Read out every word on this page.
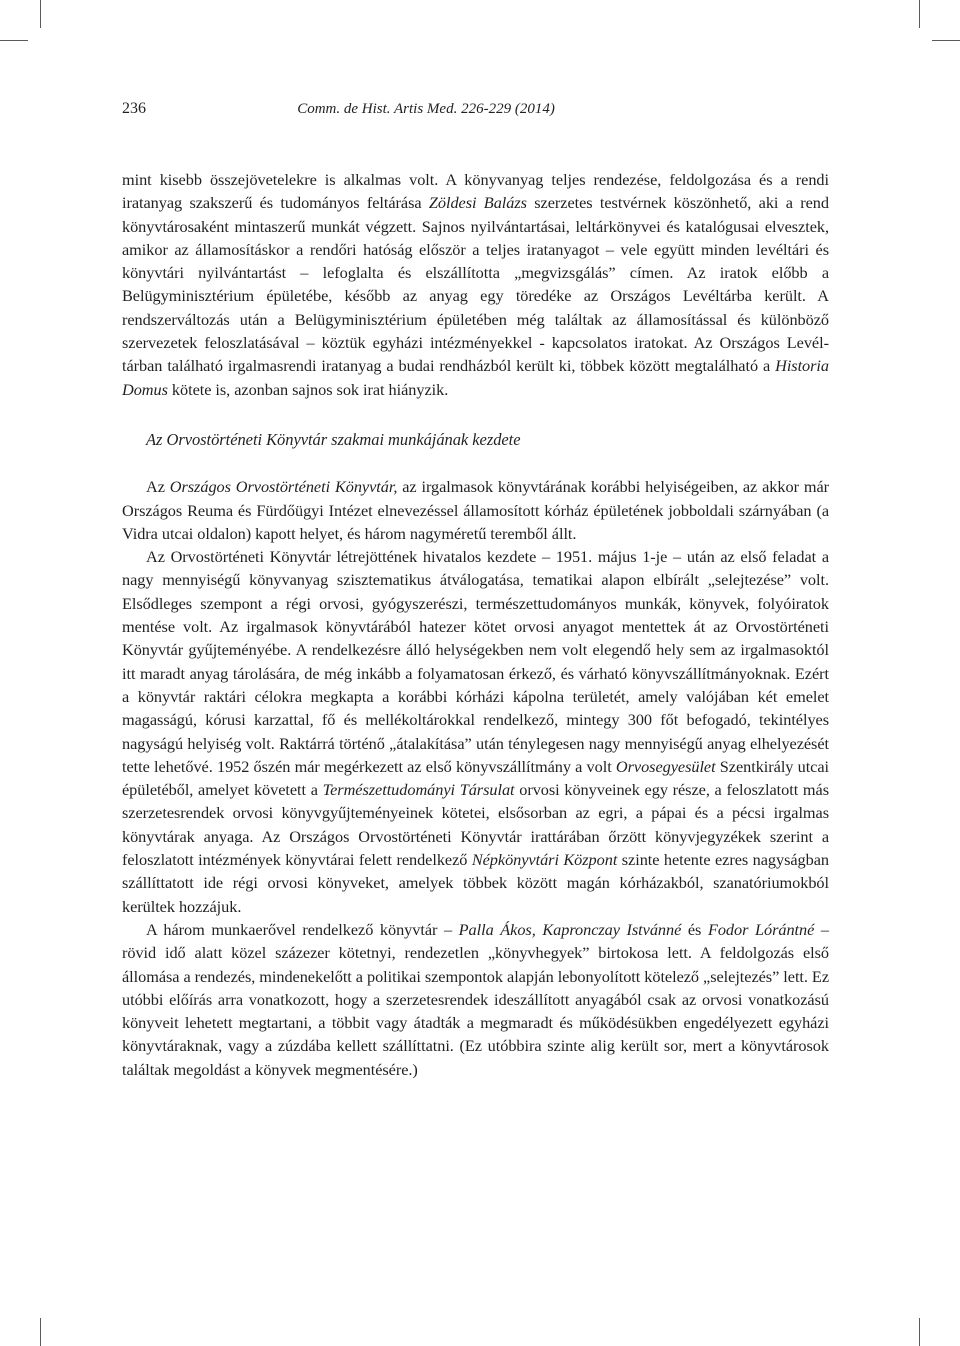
236	Comm. de Hist. Artis Med. 226-229 (2014)

mint kisebb összejövetelekre is alkalmas volt. A könyvanyag teljes rendezése, feldolgozása és a rendi iratanyag szakszerű és tudományos feltárása Zöldesi Balázs szerzetes testvérnek köszönhető, aki a rend könyvtárosaként mintaszerű munkát végzett. Sajnos nyilvántartásai, leltárkönyvei és katalógusai elvesztek, amikor az államosításkor a rendőri hatóság először a teljes iratanyagot – vele együtt minden levéltári és könyvtári nyilvántartást – lefoglalta és elszállította „megvizsgálás” címen. Az iratok előbb a Belügyminisztérium épületébe, később az anyag egy töredéke az Országos Levéltárba került. A rendszerváltozás után a Belügyminisztérium épületében még találtak az államosítással és különböző szervezetek feloszlatásával – köztük egyházi intézményekkel - kapcsolatos iratokat. Az Országos Levéltárban található irgalmasrendi iratanyag a budai rendházból került ki, többek között megtalálható a Historia Domus kötete is, azonban sajnos sok irat hiányzik.

Az Orvostörténeti Könyvtár szakmai munkájának kezdete

Az Országos Orvostörténeti Könyvtár, az irgalmasok könyvtárának korábbi helyiségeiben, az akkor már Országos Reuma és Fürdőügyi Intézet elnevezéssel államosított kórház épületének jobboldali szárnyában (a Vidra utcai oldalon) kapott helyet, és három nagyméretű teremből állt.

Az Orvostörténeti Könyvtár létrejöttének hivatalos kezdete – 1951. május 1-je – után az első feladat a nagy mennyiségű könyvanyag szisztematikus átválogatása, tematikai alapon elbírált „selejtezése” volt. Elsődleges szempont a régi orvosi, gyógyszerészi, természettudományos munkák, könyvek, folyóiratok mentése volt. Az irgalmasok könyvtárából hatezer kötet orvosi anyagot mentettek át az Orvostörténeti Könyvtár gyűjteményébe. A rendelkezésre álló helységekben nem volt elegendő hely sem az irgalmasoktól itt maradt anyag tárolására, de még inkább a folyamatosan érkező, és várható könyvszállítmányoknak. Ezért a könyvtár raktári célokra megkapta a korábbi kórházi kápolna területét, amely valójában két emelet magasságú, kórusi karzattal, fő és mellékoltárokkal rendelkező, mintegy 300 főt befogadó, tekintélyes nagyságú helyiség volt. Raktárrá történő „átalakítása” után ténylegesen nagy mennyiségű anyag elhelyezését tette lehetővé. 1952 őszén már megérkezett az első könyvszállítmány a volt Orvosegyesület Szentkirály utcai épületéből, amelyet követett a Természettudományi Társulat orvosi könyveinek egy része, a feloszlatott más szerzetesrendek orvosi könyvgyűjteményeinek kötetei, elsősorban az egri, a pápai és a pécsi irgalmas könyvtárak anyaga. Az Országos Orvostörténeti Könyvtár irattárában őrzött könyvjegyzékek szerint a feloszlatott intézmények könyvtárai felett rendelkező Népkönyvtári Központ szinte hetente ezres nagyságban szállíttatott ide régi orvosi könyveket, amelyek többek között magán kórházakból, szanatóriumokból kerültek hozzájuk.

A három munkaerővel rendelkező könyvtár – Palla Ákos, Kapronczay Istvánné és Fodor Lórántné – rövid idő alatt közel százezer kötetnyi, rendezetlen „könyvhegyek” birtokosa lett. A feldolgozás első állomása a rendezés, mindenekelőtt a politikai szempontok alapján lebonyolított kötelező „selejtezés” lett. Ez utóbbi előírás arra vonatkozott, hogy a szerzetesrendek ideszállított anyagából csak az orvosi vonatkozású könyveit lehetett megtartani, a többit vagy átadták a megmaradt és működésükben engedélyezett egyházi könyvtáraknak, vagy a zúzdába kellett szállíttatni. (Ez utóbbira szinte alig került sor, mert a könyvtárosok találtak megoldást a könyvek megmentésére.)
